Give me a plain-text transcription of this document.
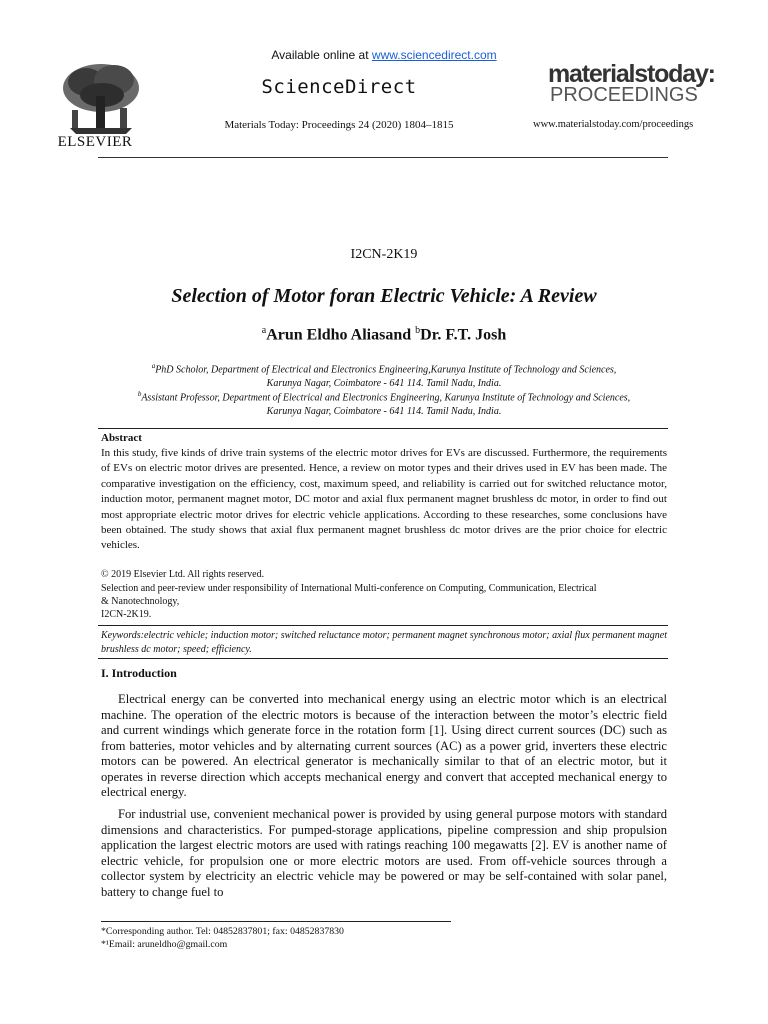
ELSEVIER
Available online at www.sciencedirect.com
ScienceDirect
Materials Today: Proceedings 24 (2020) 1804–1815
materialstoday:
PROCEEDINGS
www.materialstoday.com/proceedings
I2CN-2K19
Selection of Motor foran Electric Vehicle: A Review
$^a$Arun Eldho Aliasand $^b$Dr. F.T. Josh
$^a$PhD Scholor, Department of Electrical and Electronics Engineering,Karunya Institute of Technology and Sciences,
Karunya Nagar, Coimbatore - 641 114. Tamil Nadu, India.
$^b$Assistant Professor, Department of Electrical and Electronics Engineering, Karunya Institute of Technology and Sciences,
Karunya Nagar, Coimbatore - 641 114. Tamil Nadu, India.
Abstract
In this study, five kinds of drive train systems of the electric motor drives for EVs are discussed. Furthermore, the requirements of EVs on electric motor drives are presented. Hence, a review on motor types and their drives used in EV has been made. The comparative investigation on the efficiency, cost, maximum speed, and reliability is carried out for switched reluctance motor, induction motor, permanent magnet motor, DC motor and axial flux permanent magnet brushless dc motor, in order to find out most appropriate electric motor drives for electric vehicle applications. According to these researches, some conclusions have been obtained. The study shows that axial flux permanent magnet brushless dc motor drives are the prior choice for electric vehicles.
© 2019 Elsevier Ltd. All rights reserved.
Selection and peer-review under responsibility of International Multi-conference on Computing, Communication, Electrical
& Nanotechnology,
I2CN-2K19.
Keywords:electric vehicle; induction motor; switched reluctance motor; permanent magnet synchronous motor; axial flux permanent magnet brushless dc motor; speed; efficiency.
I. Introduction
Electrical energy can be converted into mechanical energy using an electric motor which is an electrical machine. The operation of the electric motors is because of the interaction between the motor’s electric field and current windings which generate force in the rotation form [1]. Using direct current sources (DC) such as from batteries, motor vehicles and by alternating current sources (AC) as a power grid, inverters these electric motors can be powered. An electrical generator is mechanically similar to that of an electric motor, but it operates in reverse direction which accepts mechanical energy and convert that accepted mechanical energy to electrical energy.
For industrial use, convenient mechanical power is provided by using general purpose motors with standard dimensions and characteristics. For pumped-storage applications, pipeline compression and ship propulsion application the largest electric motors are used with ratings reaching 100 megawatts [2]. EV is another name of electric vehicle, for propulsion one or more electric motors are used. From off-vehicle sources through a collector system by electricity an electric vehicle may be powered or may be self-contained with solar panel, battery to change fuel to
*Corresponding author. Tel: 04852837801; fax: 04852837830
*¹Email: aruneldho@gmail.com
